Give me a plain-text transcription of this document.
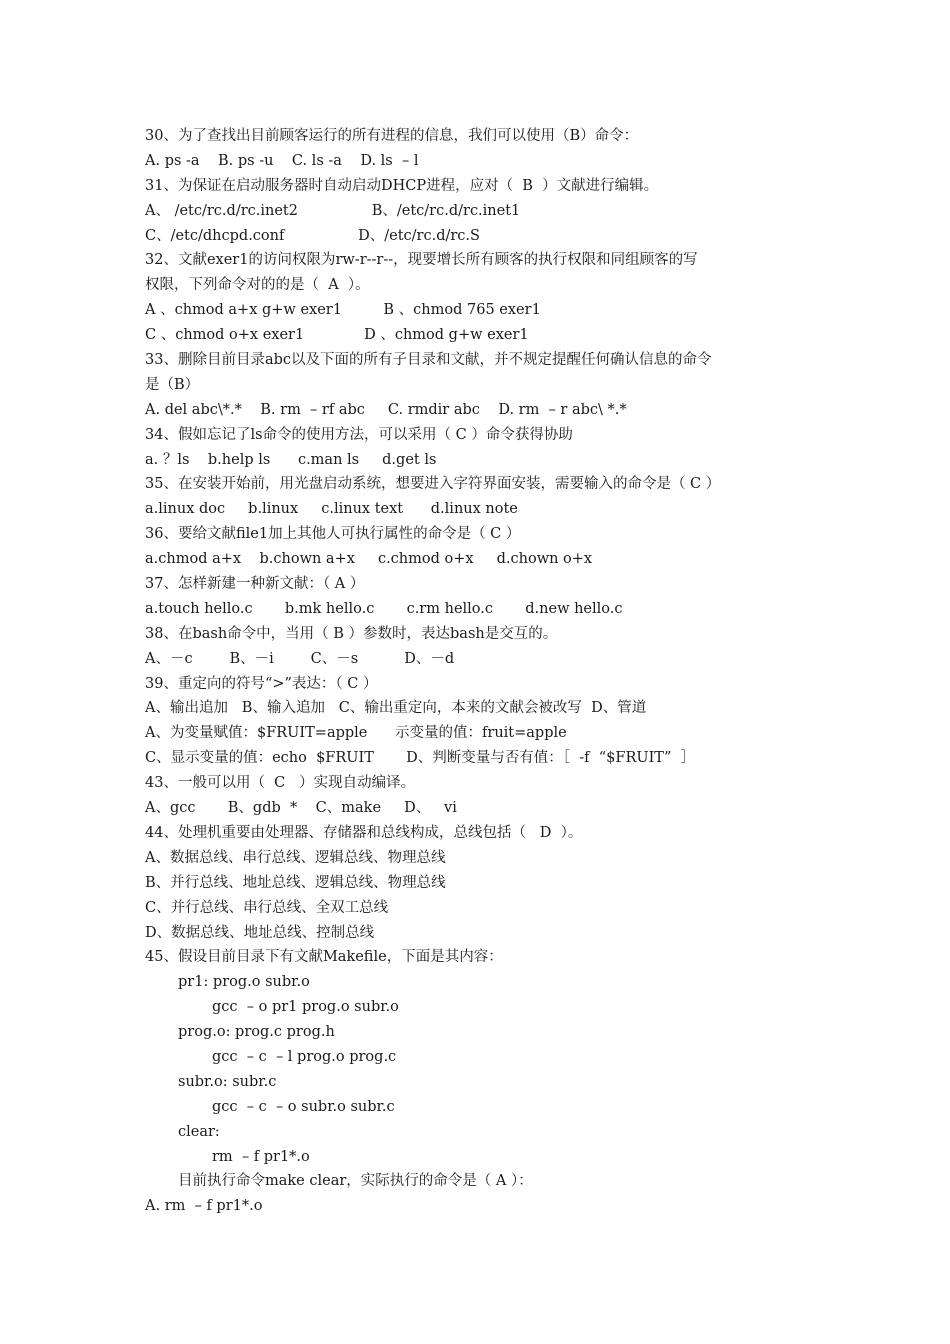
30、为了查找出目前顾客运行的所有进程的信息，我们可以使用（B）命令：
A. ps -a    B. ps -u    C. ls -a    D. ls  – l
31、为保证在启动服务器时自动启动DHCP进程，应对（  B  ）文献进行编辑。
A、 /etc/rc.d/rc.inet2                B、/etc/rc.d/rc.inet1
C、/etc/dhcpd.conf                D、/etc/rc.d/rc.S
32、文献exer1的访问权限为rw-r--r--，现要增长所有顾客的执行权限和同组顾客的写
权限，下列命令对的的是（  A  ）。
A 、chmod a+x g+w exer1         B 、chmod 765 exer1
C 、chmod o+x exer1             D 、chmod g+w exer1
33、删除目前目录abc以及下面的所有子目录和文献，并不规定提醒任何确认信息的命令
是（B）
A. del abc\*.*    B. rm  – rf abc     C. rmdir abc    D. rm  – r abc\ *.*
34、假如忘记了ls命令的使用方法，可以采用（ C ）命令获得协助
a. ？ls    b.help ls      c.man ls     d.get ls
35、在安装开始前，用光盘启动系统，想要进入字符界面安装，需要输入的命令是（ C ）
a.linux doc     b.linux     c.linux text      d.linux note
36、要给文献file1加上其他人可执行属性的命令是（ C ）
a.chmod a+x    b.chown a+x     c.chmod o+x     d.chown o+x
37、怎样新建一种新文献：（ A ）
a.touch hello.c       b.mk hello.c       c.rm hello.c       d.new hello.c
38、在bash命令中，当用（ B ）参数时，表达bash是交互的。
A、－c        B、－i        C、－s          D、－d
39、重定向的符号“>”表达：（ C ）
A、输出追加   B、输入追加   C、输出重定向，本来的文献会被改写  D、管道
A、为变量赋值：$FRUIT=apple      示变量的值：fruit=apple
C、显示变量的值：echo  $FRUIT       D、判断变量与否有值：［  -f  “$FRUIT”  ］
43、一般可以用（  C   ）实现自动编译。
A、gcc       B、gdb  *    C、make     D、   vi
44、处理机重要由处理器、存储器和总线构成，总线包括（   D  ）。
A、数据总线、串行总线、逻辑总线、物理总线
B、并行总线、地址总线、逻辑总线、物理总线
C、并行总线、串行总线、全双工总线
D、数据总线、地址总线、控制总线
45、假设目前目录下有文献Makefile，下面是其内容：
pr1: prog.o subr.o
gcc  – o pr1 prog.o subr.o
prog.o: prog.c prog.h
gcc  – c  – l prog.o prog.c
subr.o: subr.c
gcc  – c  – o subr.o subr.c
clear:
rm  – f pr1*.o
目前执行命令make clear，实际执行的命令是（ A ）：
A. rm  – f pr1*.o
